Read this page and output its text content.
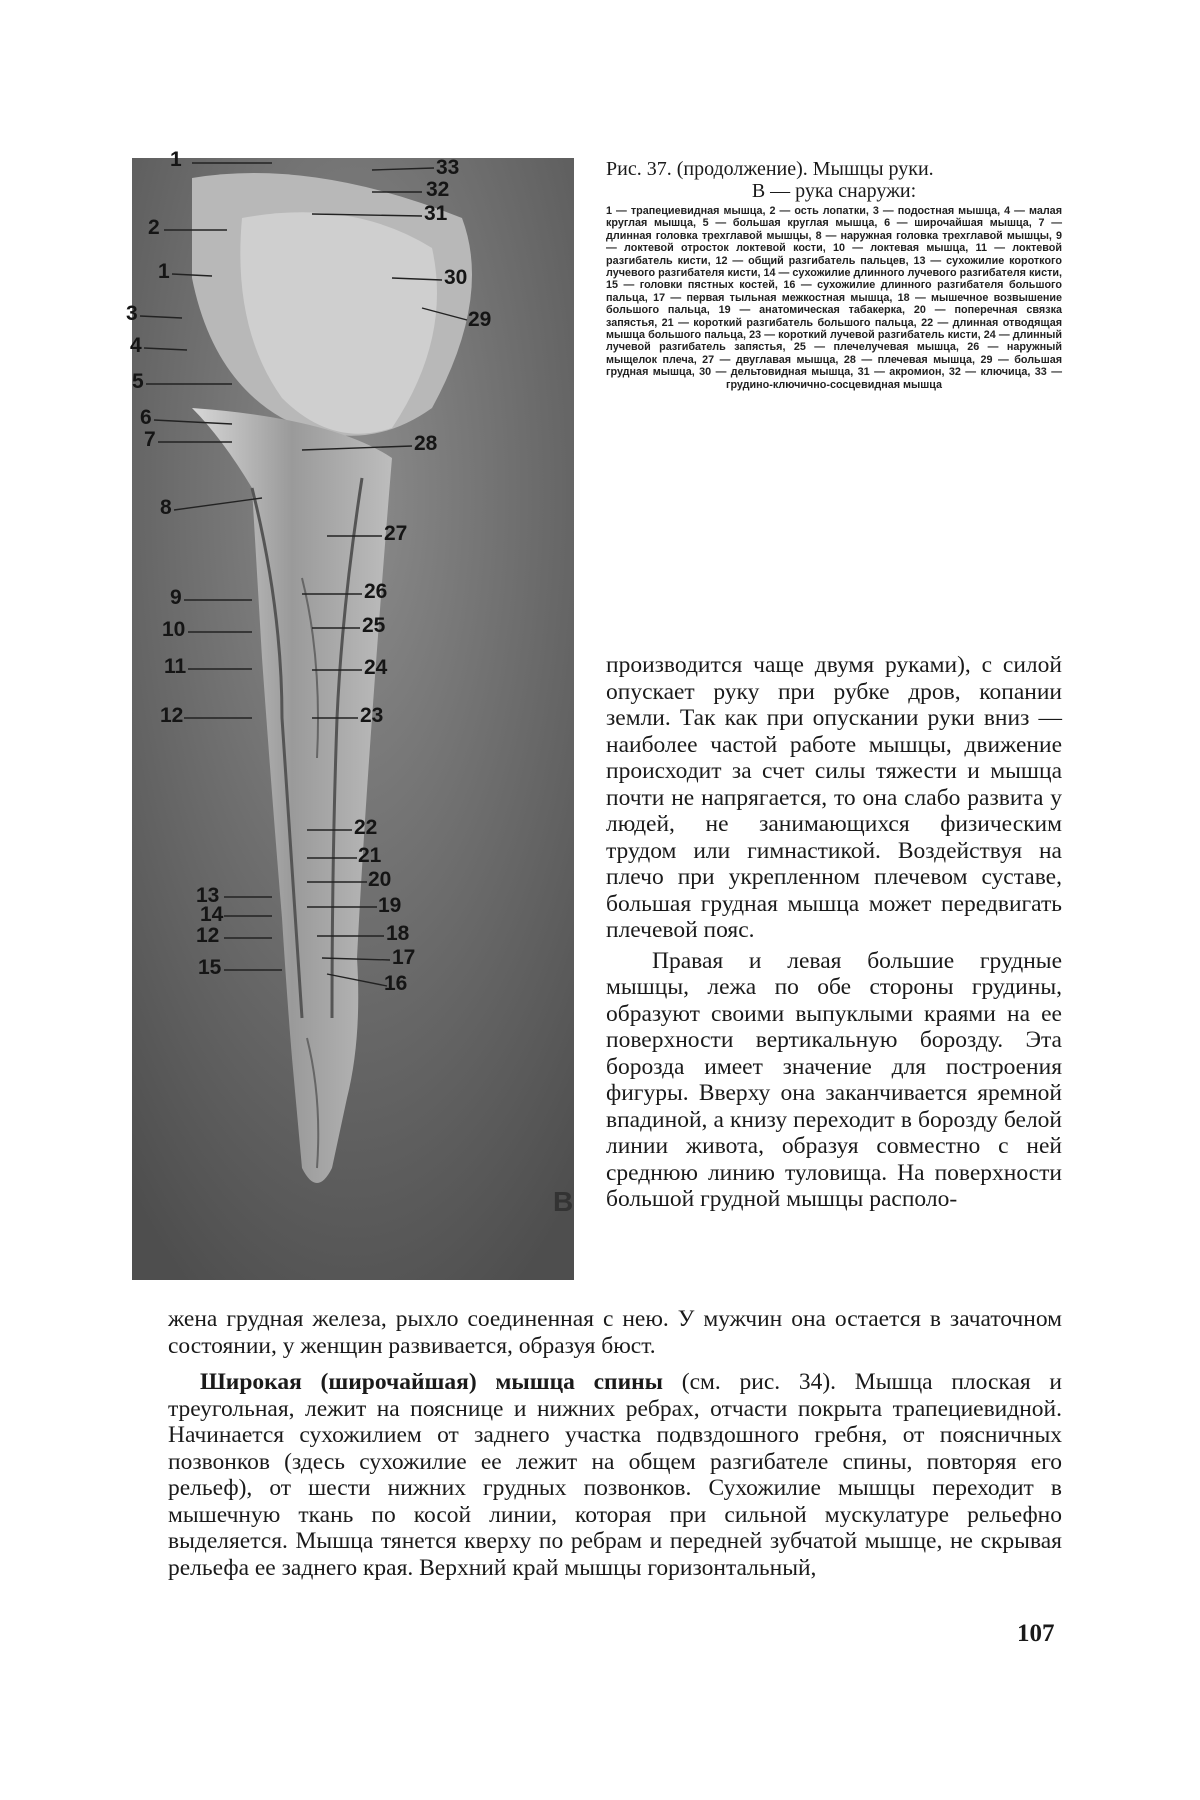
1
2
1
3
4
5
6
7
8
9
10
11
12
13
14
12
15
33
32
31
30
29
28
27
26
25
24
23
22
21
20
19
18
17
16
В
Рис. 37. (продолжение). Мышцы руки.
В — рука снаружи:
1 — трапециевидная мышца, 2 — ость лопатки, 3 — подостная мышца, 4 — малая круглая мышца, 5 — большая круглая мышца, 6 — широчайшая мышца, 7 — длинная головка трехглавой мышцы, 8 — наружная головка трехглавой мышцы, 9 — локтевой отросток локтевой кости, 10 — локтевая мышца, 11 — локтевой разгибатель кисти, 12 — общий разгибатель пальцев, 13 — сухожилие короткого лучевого разгибателя кисти, 14 — сухожилие длинного лучевого разгибателя кисти, 15 — головки пястных костей, 16 — сухожилие длинного разгибателя большого пальца, 17 — первая тыльная межкостная мышца, 18 — мышечное возвышение большого пальца, 19 — анатомическая табакерка, 20 — поперечная связка запястья, 21 — короткий разгибатель большого пальца, 22 — длинная отводящая мышца большого пальца, 23 — короткий лучевой разгибатель кисти, 24 — длинный лучевой разгибатель запястья, 25 — плечелучевая мышца, 26 — наружный мыщелок плеча, 27 — двуглавая мышца, 28 — плечевая мышца, 29 — большая грудная мышца, 30 — дельтовидная мышца, 31 — акромион, 32 — ключица, 33 — грудино-ключично-сосцевидная мышца

производится чаще двумя руками), с силой опускает руку при рубке дров, копании земли. Так как при опускании руки вниз — наиболее частой работе мышцы, движение происходит за счет силы тяжести и мышца почти не напрягается, то она слабо развита у людей, не занимающихся физическим трудом или гимнастикой. Воздействуя на плечо при укрепленном плечевом суставе, большая грудная мышца может передвигать плечевой пояс.

Правая и левая большие грудные мышцы, лежа по обе стороны грудины, образуют своими выпуклыми краями на ее поверхности вертикальную борозду. Эта борозда имеет значение для построения фигуры. Вверху она заканчивается яремной впадиной, а книзу переходит в борозду белой линии живота, образуя совместно с ней среднюю линию туловища. На поверхности большой грудной мышцы располо-

жена грудная железа, рыхло соединенная с нею. У мужчин она остается в зачаточном состоянии, у женщин развивается, образуя бюст.

Широкая (широчайшая) мышца спины (см. рис. 34). Мышца плоская и треугольная, лежит на пояснице и нижних ребрах, отчасти покрыта трапециевидной. Начинается сухожилием от заднего участка подвздошного гребня, от поясничных позвонков (здесь сухожилие ее лежит на общем разгибателе спины, повторяя его рельеф), от шести нижних грудных позвонков. Сухожилие мышцы переходит в мышечную ткань по косой линии, которая при сильной мускулатуре рельефно выделяется. Мышца тянется кверху по ребрам и передней зубчатой мышце, не скрывая рельефа ее заднего края. Верхний край мышцы горизонтальный,

107
